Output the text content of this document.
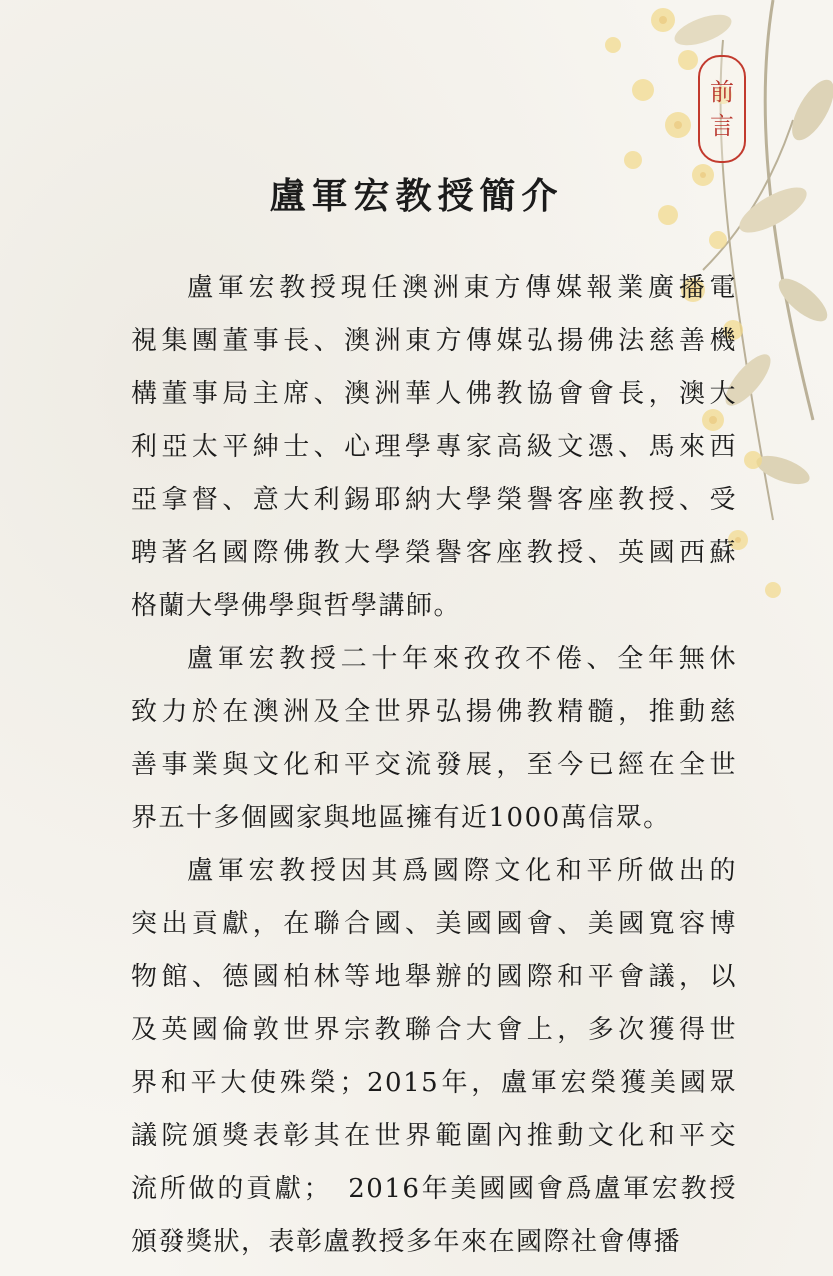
前
言
盧軍宏教授簡介
盧軍宏教授現任澳洲東方傳媒報業廣播電
視集團董事長、澳洲東方傳媒弘揚佛法慈善機
構董事局主席、澳洲華人佛教協會會長，澳大
利亞太平紳士、心理學專家高級文憑、馬來西
亞拿督、意大利錫耶納大學榮譽客座教授、受
聘著名國際佛教大學榮譽客座教授、英國西蘇
格蘭大學佛學與哲學講師。
盧軍宏教授二十年來孜孜不倦、全年無休
致力於在澳洲及全世界弘揚佛教精髓，推動慈
善事業與文化和平交流發展，至今已經在全世
界五十多個國家與地區擁有近1000萬信眾。
盧軍宏教授因其爲國際文化和平所做出的
突出貢獻，在聯合國、美國國會、美國寬容博
物館、德國柏林等地舉辦的國際和平會議，以
及英國倫敦世界宗教聯合大會上，多次獲得世
界和平大使殊榮；2015年，盧軍宏榮獲美國眾
議院頒獎表彰其在世界範圍內推動文化和平交
流所做的貢獻；　2016年美國國會爲盧軍宏教授
頒發獎狀，表彰盧教授多年來在國際社會傳播
